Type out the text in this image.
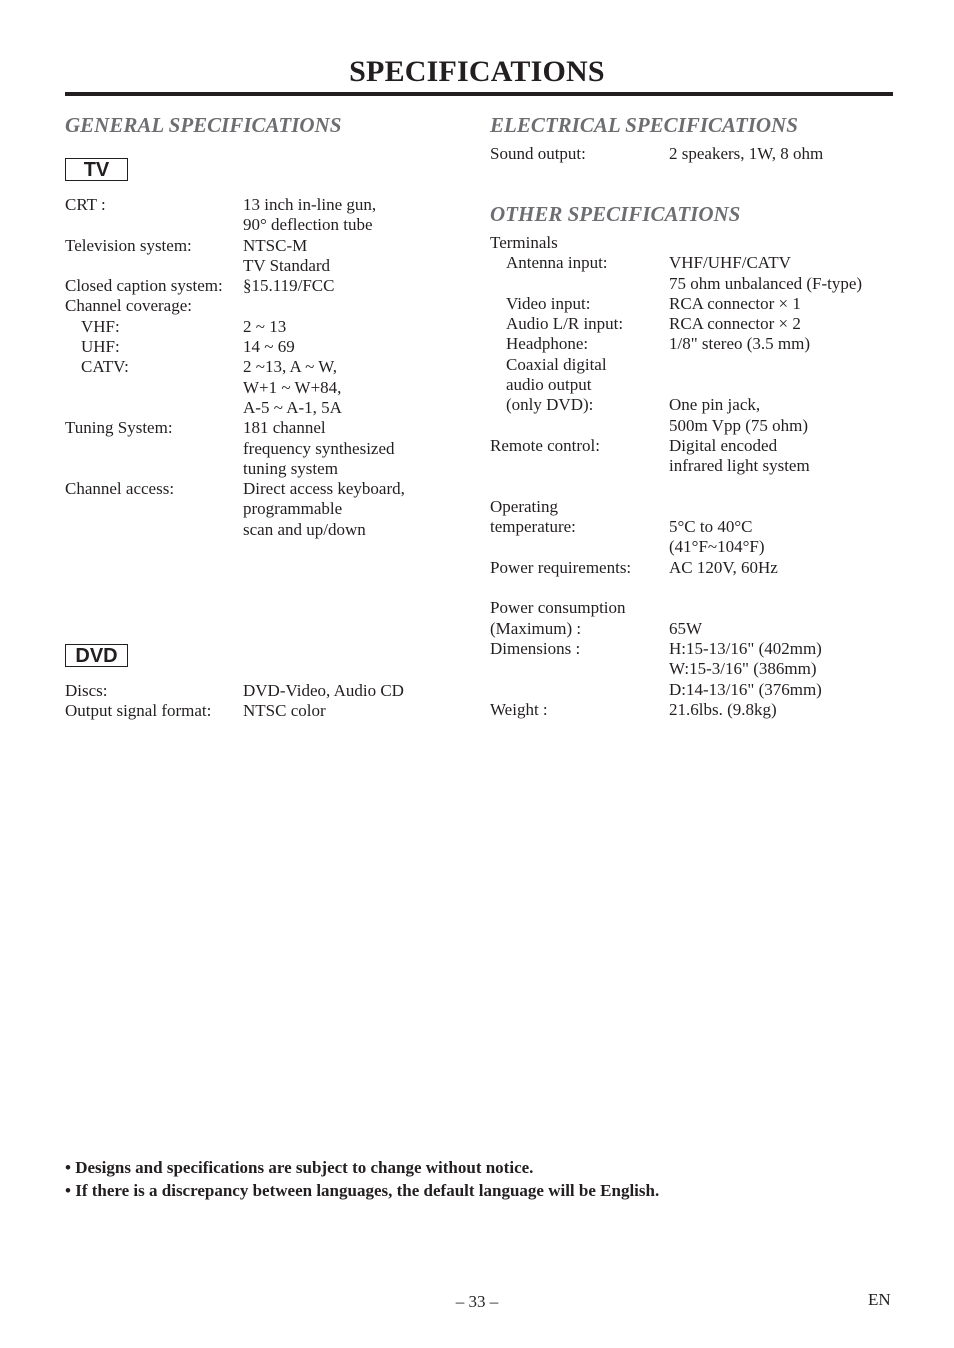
SPECIFICATIONS
GENERAL SPECIFICATIONS
TV
CRT :	13 inch in-line gun,
90° deflection tube
Television system:	NTSC-M
TV Standard
Closed caption system: §15.119/FCC
Channel coverage:
VHF:	2 ~ 13
UHF:	14 ~ 69
CATV:	2 ~13, A ~ W,
W+1 ~ W+84,
A-5 ~ A-1, 5A
Tuning System:	181 channel
frequency synthesized
tuning system
Channel access:	Direct access keyboard,
programmable
scan and up/down
DVD
Discs:	DVD-Video, Audio CD
Output signal format: NTSC color
ELECTRICAL SPECIFICATIONS
Sound output:	2 speakers, 1W, 8 ohm
OTHER SPECIFICATIONS
Terminals
Antenna input:	VHF/UHF/CATV
75 ohm unbalanced (F-type)
Video input:	RCA connector × 1
Audio L/R input:	RCA connector × 2
Headphone:	1/8" stereo (3.5 mm)
Coaxial digital
audio output
(only DVD):	One pin jack,
500m Vpp (75 ohm)
Remote control:	Digital encoded
infrared light system
Operating
temperature:	5°C to 40°C
(41°F~104°F)
Power requirements: AC 120V, 60Hz
Power consumption
(Maximum) :	65W
Dimensions :	H:15-13/16" (402mm)
W:15-3/16" (386mm)
D:14-13/16" (376mm)
Weight :	21.6lbs. (9.8kg)
• Designs and specifications are subject to change without notice.
• If there is a discrepancy between languages, the default language will be English.
– 33 –	EN
